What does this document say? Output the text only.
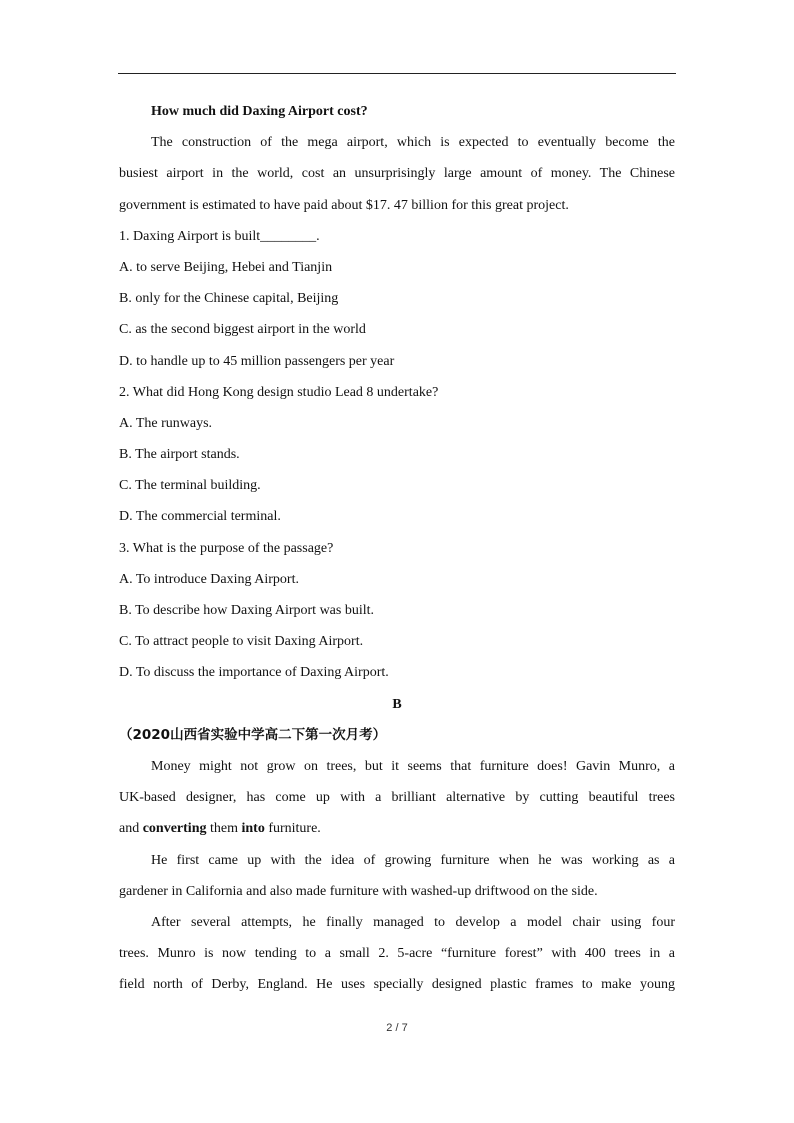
How much did Daxing Airport cost?
The construction of the mega airport, which is expected to eventually become the
busiest airport in the world, cost an unsurprisingly large amount of money. The Chinese
government is estimated to have paid about $17. 47 billion for this great project.
1. Daxing Airport is built________.
A. to serve Beijing, Hebei and Tianjin
B. only for the Chinese capital, Beijing
C. as the second biggest airport in the world
D. to handle up to 45 million passengers per year
2. What did Hong Kong design studio Lead 8 undertake?
A. The runways.
B. The airport stands.
C. The terminal building.
D. The commercial terminal.
3. What is the purpose of the passage?
A. To introduce Daxing Airport.
B. To describe how Daxing Airport was built.
C. To attract people to visit Daxing Airport.
D. To discuss the importance of Daxing Airport.
B
（2020山西省实验中学高二下第一次月考）
Money might not grow on trees, but it seems that furniture does! Gavin Munro, a
UK-based designer, has come up with a brilliant alternative by cutting beautiful trees
and converting them into furniture.
He first came up with the idea of growing furniture when he was working as a
gardener in California and also made furniture with washed-up driftwood on the side.
After several attempts, he finally managed to develop a model chair using four
trees. Munro is now tending to a small 2. 5-acre “furniture forest” with 400 trees in a
field north of Derby, England. He uses specially designed plastic frames to make young
2 / 7
